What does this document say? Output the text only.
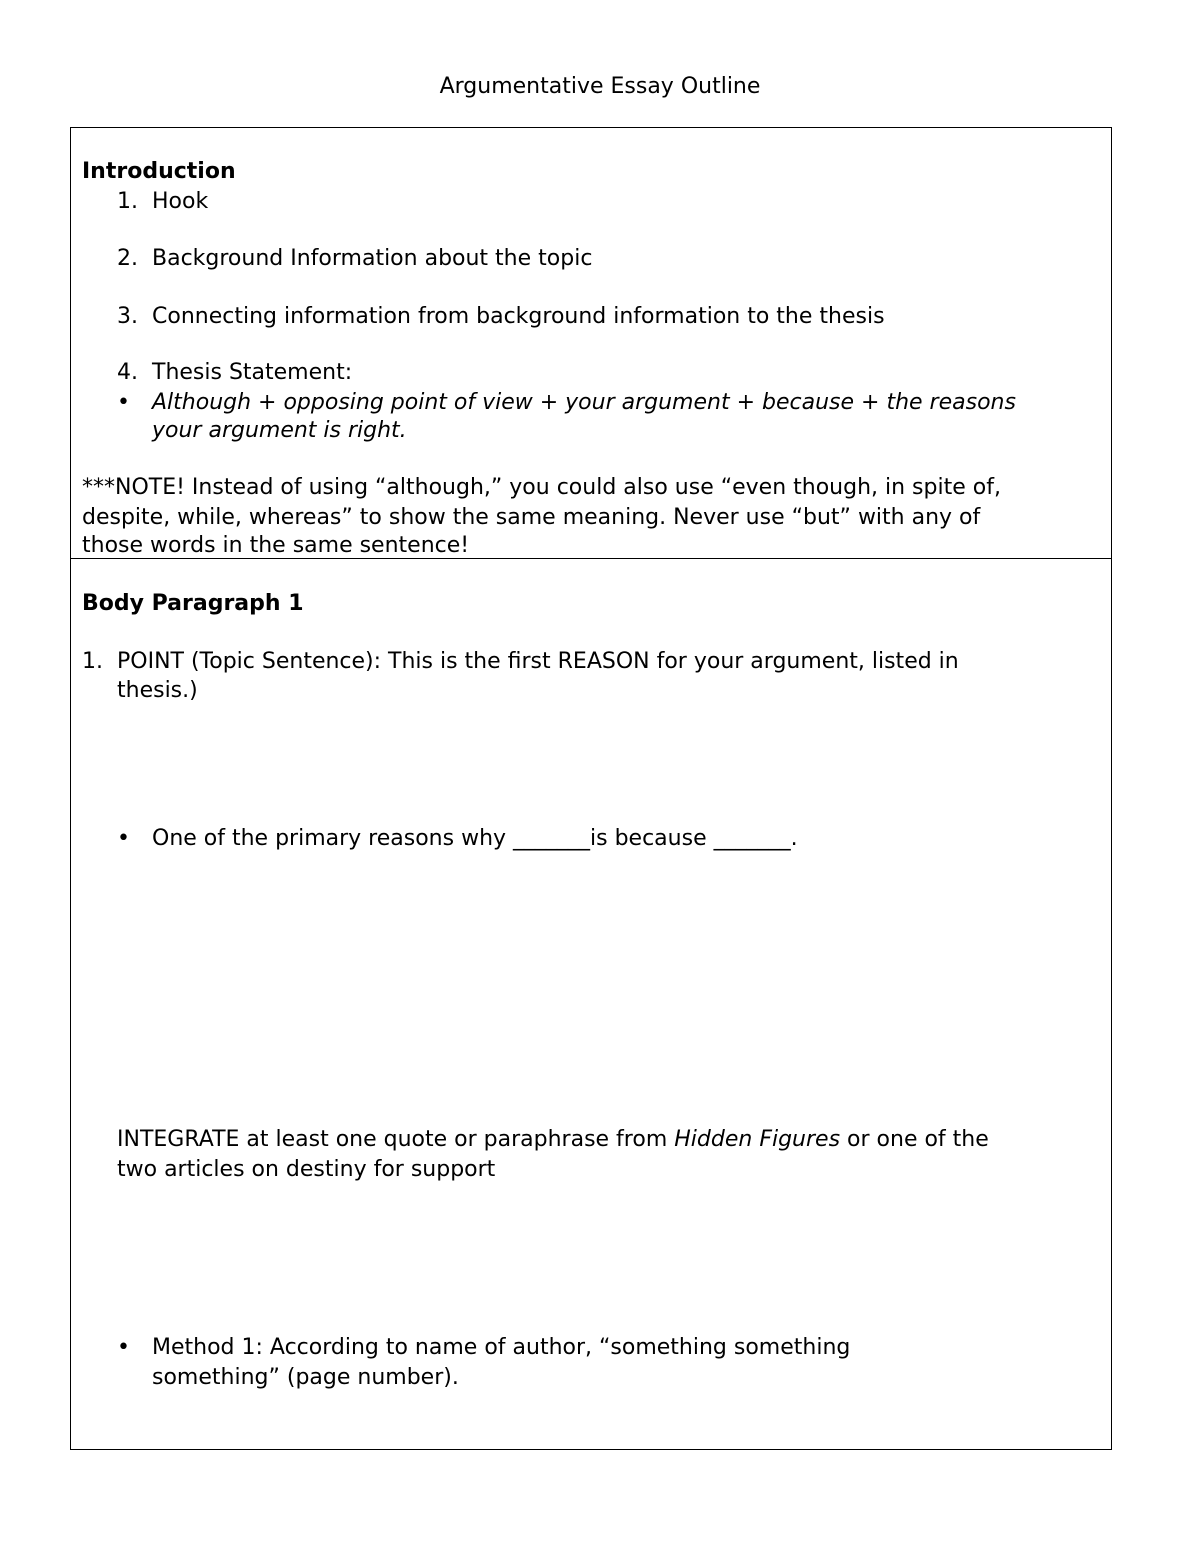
Argumentative Essay Outline
Introduction
1. Hook
2. Background Information about the topic
3. Connecting information from background information to the thesis
4. Thesis Statement:
• Although + opposing point of view + your argument + because + the reasons
your argument is right.
***NOTE! Instead of using “although,” you could also use “even though, in spite of,
despite, while, whereas” to show the same meaning. Never use “but” with any of
those words in the same sentence!
Body Paragraph 1
1. POINT (Topic Sentence): This is the first REASON for your argument, listed in
thesis.)
• One of the primary reasons why _______is because _______.
INTEGRATE at least one quote or paraphrase from Hidden Figures or one of the
two articles on destiny for support
• Method 1: According to name of author, “something something
something” (page number).
